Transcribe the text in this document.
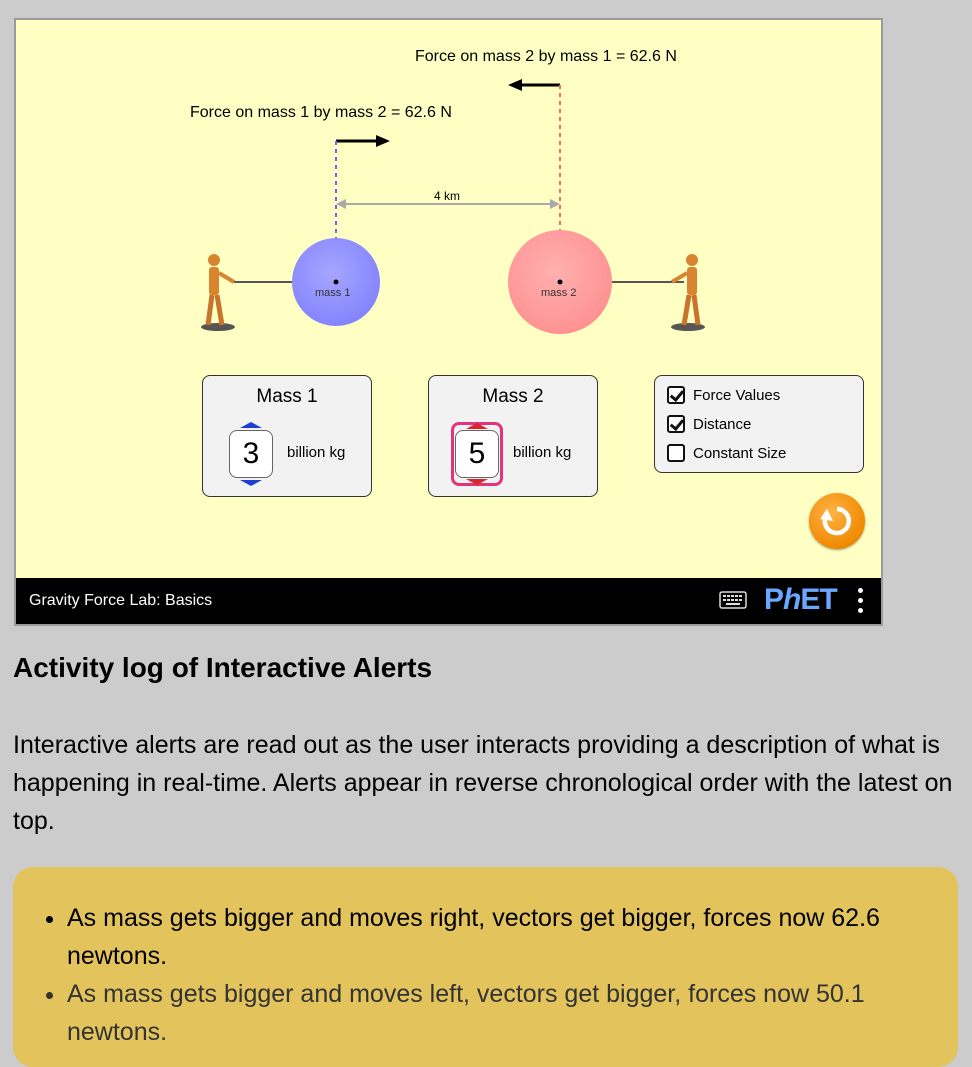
Force on mass 2 by mass 1 = 62.6 N
Force on mass 1 by mass 2 = 62.6 N
4 km
mass 1	mass 2
Mass 1
3	billion kg
Mass 2
5	billion kg
Force Values
Distance
Constant Size
Gravity Force Lab: Basics	PhET
Activity log of Interactive Alerts

Interactive alerts are read out as the user interacts providing a description of what is happening in real-time. Alerts appear in reverse chronological order with the latest on top.

• As mass gets bigger and moves right, vectors get bigger, forces now 62.6 newtons.
• As mass gets bigger and moves left, vectors get bigger, forces now 50.1 newtons.
